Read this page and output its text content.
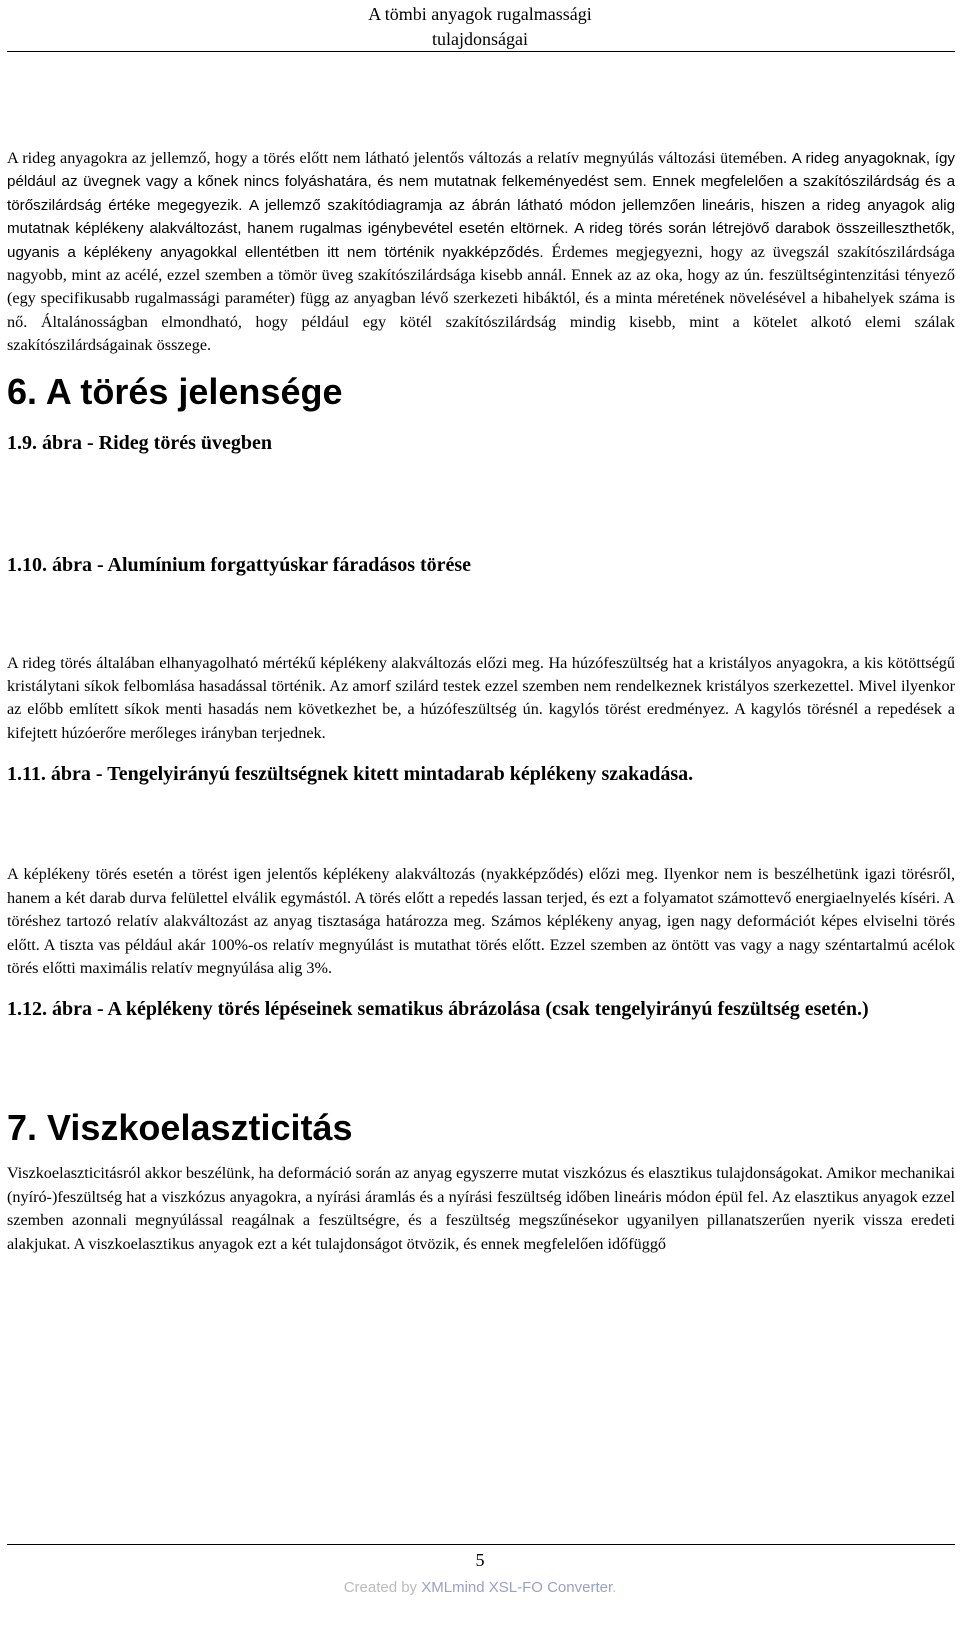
A tömbi anyagok rugalmassági
tulajdonságai

A rideg anyagokra az jellemző, hogy a törés előtt nem látható jelentős változás a relatív megnyúlás változási ütemében. A rideg anyagoknak, így például az üvegnek vagy a kőnek nincs folyáshatára, és nem mutatnak felkeményedést sem. Ennek megfelelően a szakítószilárdság és a törőszilárdság értéke megegyezik. A jellemző szakítódiagramja az ábrán látható módon jellemzően lineáris, hiszen a rideg anyagok alig mutatnak képlékeny alakváltozást, hanem rugalmas igénybevétel esetén eltörnek. A rideg törés során létrejövő darabok összeilleszthetők, ugyanis a képlékeny anyagokkal ellentétben itt nem történik nyakképződés. Érdemes megjegyezni, hogy az üvegszál szakítószilárdsága nagyobb, mint az acélé, ezzel szemben a tömör üveg szakítószilárdsága kisebb annál. Ennek az az oka, hogy az ún. feszültségintenzitási tényező (egy specifikusabb rugalmassági paraméter) függ az anyagban lévő szerkezeti hibáktól, és a minta méretének növelésével a hibahelyek száma is nő. Általánosságban elmondható, hogy például egy kötél szakítószilárdság mindig kisebb, mint a kötelet alkotó elemi szálak szakítószilárdságainak összege.

6. A törés jelensége
1.9. ábra - Rideg törés üvegben
1.10. ábra - Alumínium forgattyúskar fáradásos törése

A rideg törés általában elhanyagolható mértékű képlékeny alakváltozás előzi meg. Ha húzófeszültség hat a kristályos anyagokra, a kis kötöttségű kristálytani síkok felbomlása hasadással történik. Az amorf szilárd testek ezzel szemben nem rendelkeznek kristályos szerkezettel. Mivel ilyenkor az előbb említett síkok menti hasadás nem következhet be, a húzófeszültség ún. kagylós törést eredményez. A kagylós törésnél a repedések a kifejtett húzóerőre merőleges irányban terjednek.

1.11. ábra - Tengelyirányú feszültségnek kitett mintadarab képlékeny szakadása.

A képlékeny törés esetén a törést igen jelentős képlékeny alakváltozás (nyakképződés) előzi meg. Ilyenkor nem is beszélhetünk igazi törésről, hanem a két darab durva felülettel elválik egymástól. A törés előtt a repedés lassan terjed, és ezt a folyamatot számottevő energiaelnyelés kíséri. A töréshez tartozó relatív alakváltozást az anyag tisztasága határozza meg. Számos képlékeny anyag, igen nagy deformációt képes elviselni törés előtt. A tiszta vas például akár 100%-os relatív megnyúlást is mutathat törés előtt. Ezzel szemben az öntött vas vagy a nagy széntartalmú acélok törés előtti maximális relatív megnyúlása alig 3%.

1.12. ábra - A képlékeny törés lépéseinek sematikus ábrázolása (csak tengelyirányú feszültség esetén.)
7. Viszkoelaszticitás

Viszkoelaszticitásról akkor beszélünk, ha deformáció során az anyag egyszerre mutat viszkózus és elasztikus tulajdonságokat. Amikor mechanikai (nyíró-)feszültség hat a viszkózus anyagokra, a nyírási áramlás és a nyírási feszültség időben lineáris módon épül fel. Az elasztikus anyagok ezzel szemben azonnali megnyúlással reagálnak a feszültségre, és a feszültség megszűnésekor ugyanilyen pillanatszerűen nyerik vissza eredeti alakjukat. A viszkoelasztikus anyagok ezt a két tulajdonságot ötvözik, és ennek megfelelően időfüggő

5
Created by XMLmind XSL-FO Converter.
